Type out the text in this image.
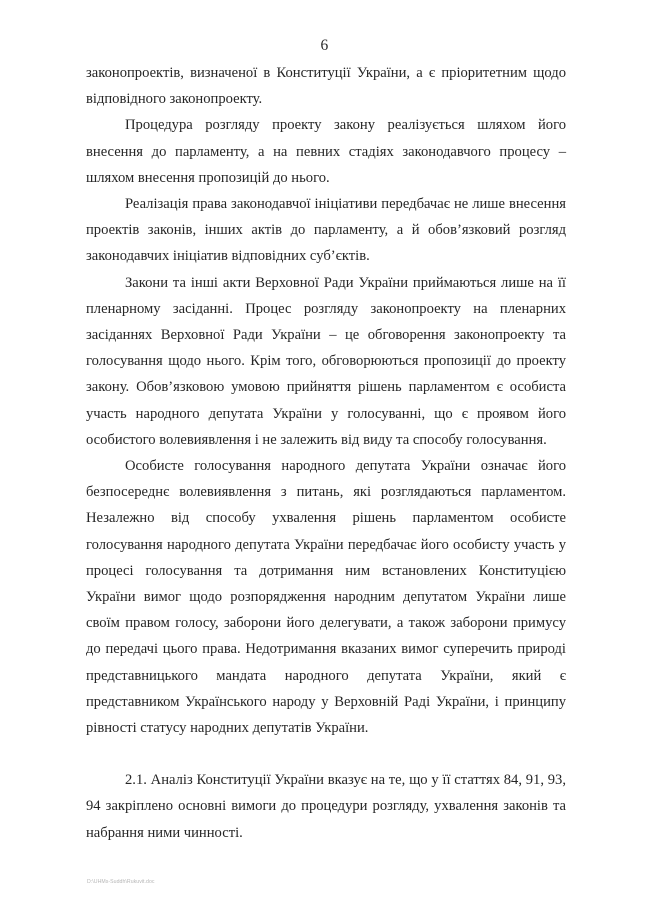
6

законопроектів, визначеної в Конституції України, а є пріоритетним щодо відповідного законопроекту.

Процедура розгляду проекту закону реалізується шляхом його внесення до парламенту, а на певних стадіях законодавчого процесу – шляхом внесення пропозицій до нього.

Реалізація права законодавчої ініціативи передбачає не лише внесення проектів законів, інших актів до парламенту, а й обов’язковий розгляд законодавчих ініціатив відповідних суб’єктів.

Закони та інші акти Верховної Ради України приймаються лише на її пленарному засіданні. Процес розгляду законопроекту на пленарних засіданнях Верховної Ради України – це обговорення законопроекту та голосування щодо нього. Крім того, обговорюються пропозиції до проекту закону. Обов’язковою умовою прийняття рішень парламентом є особиста участь народного депутата України у голосуванні, що є проявом його особистого волевиявлення і не залежить від виду та способу голосування.

Особисте голосування народного депутата України означає його безпосереднє волевиявлення з питань, які розглядаються парламентом. Незалежно від способу ухвалення рішень парламентом особисте голосування народного депутата України передбачає його особисту участь у процесі голосування та дотримання ним встановлених Конституцією України вимог щодо розпорядження народним депутатом України лише своїм правом голосу, заборони його делегувати, а також заборони примусу до передачі цього права. Недотримання вказаних вимог суперечить природі представницького мандата народного депутата України, який є представником Українського народу у Верховній Раді України, і принципу рівності статусу народних депутатів України.

2.1. Аналіз Конституції України вказує на те, що у її статтях 84, 91, 93, 94 закріплено основні вимоги до процедури розгляду, ухвалення законів та набрання ними чинності.

D:\UHMs-Suddh\Rukuvit.doc
